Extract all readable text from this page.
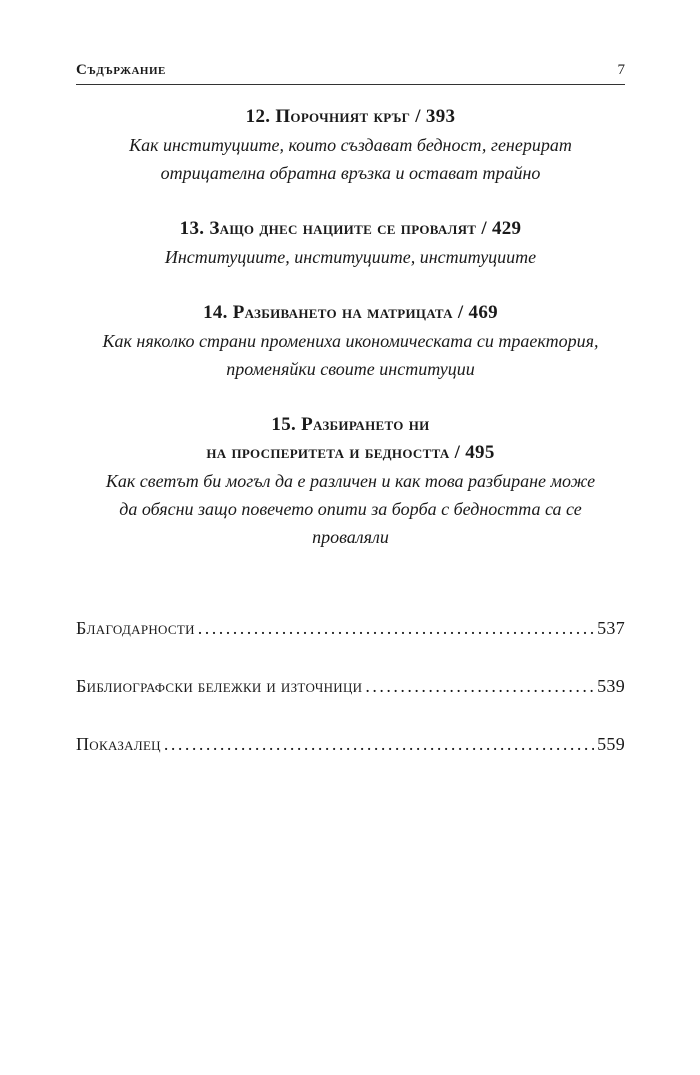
Съдържание	7
12. Порочният кръг / 393
Как институциите, които създават бедност, генерират
отрицателна обратна връзка и остават трайно
13. Защо днес нациите се провалят / 429
Институциите, институциите, институциите
14. Разбиването на матрицата / 469
Как няколко страни промениха икономическата си траектория,
променяйки своите институции
15. Разбирането ни
на просперитета и бедността / 495
Как светът би могъл да е различен и как това разбиране може
да обясни защо повечето опити за борба с бедността са се
проваляли
Благодарности .....	537
Библиографски бележки и източници .....	539
Показалец .....	559
